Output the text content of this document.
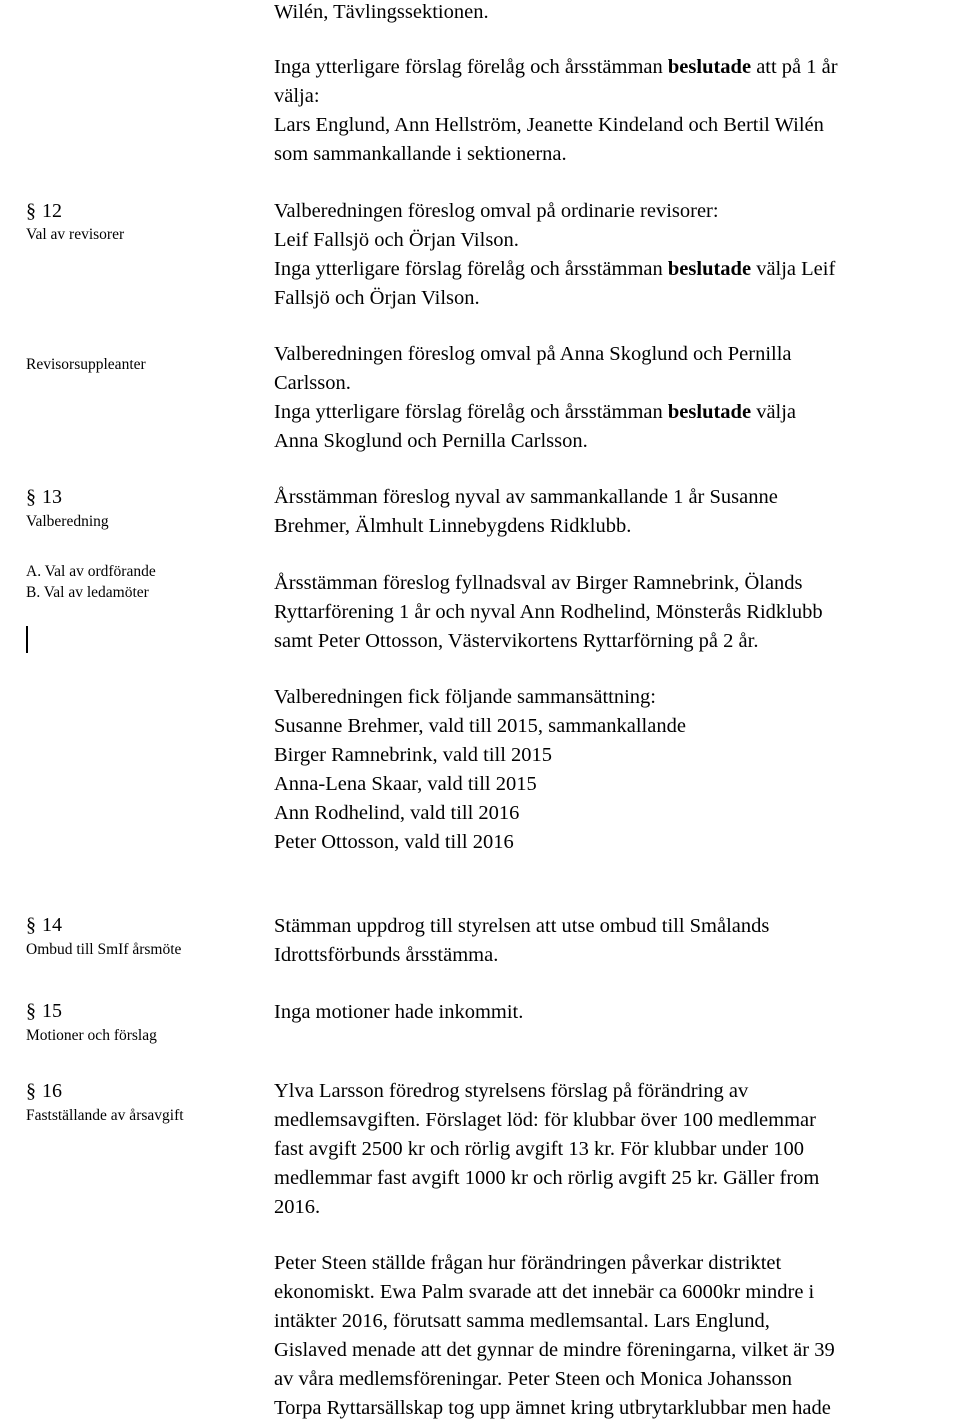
§ 12
Val av revisorer
Revisorsuppleanter
§ 13
Valberedning
A. Val av ordförande
B. Val av ledamöter
§ 14
Ombud till SmIf årsmöte
§ 15
Motioner och förslag
§ 16
Fastställande av årsavgift
Wilén, Tävlingssektionen.
Inga ytterligare förslag förelåg och årsstämman beslutade att på 1 år
välja:
Lars Englund, Ann Hellström, Jeanette Kindeland och Bertil Wilén
som sammankallande i sektionerna.
Valberedningen föreslog omval på ordinarie revisorer:
Leif Fallsjö och Örjan Vilson.
Inga ytterligare förslag förelåg och årsstämman beslutade välja Leif
Fallsjö och Örjan Vilson.
Valberedningen föreslog omval på Anna Skoglund och Pernilla
Carlsson.
Inga ytterligare förslag förelåg och årsstämman beslutade välja
Anna Skoglund och Pernilla Carlsson.
Årsstämman föreslog nyval av sammankallande 1 år Susanne
Brehmer, Älmhult Linnebygdens Ridklubb.
Årsstämman föreslog fyllnadsval av Birger Ramnebrink, Ölands
Ryttarförening 1 år och nyval Ann Rodhelind, Mönsterås Ridklubb
samt Peter Ottosson, Västervikortens Ryttarförning på 2 år.
Valberedningen fick följande sammansättning:
Susanne Brehmer, vald till 2015, sammankallande
Birger Ramnebrink, vald till 2015
Anna-Lena Skaar, vald till 2015
Ann Rodhelind, vald till 2016
Peter Ottosson, vald till 2016
Stämman uppdrog till styrelsen att utse ombud till Smålands
Idrottsförbunds årsstämma.
Inga motioner hade inkommit.
Ylva Larsson föredrog styrelsens förslag på förändring av
medlemsavgiften. Förslaget löd: för klubbar över 100 medlemmar
fast avgift 2500 kr och rörlig avgift 13 kr. För klubbar under 100
medlemmar fast avgift 1000 kr och rörlig avgift 25 kr. Gäller from
2016.
Peter Steen ställde frågan hur förändringen påverkar distriktet
ekonomiskt. Ewa Palm svarade att det innebär ca 6000kr mindre i
intäkter 2016, förutsatt samma medlemsantal. Lars Englund,
Gislaved menade att det gynnar de mindre föreningarna, vilket är 39
av våra medlemsföreningar. Peter Steen och Monica Johansson
Torpa Ryttarsällskap tog upp ämnet kring utbrytarklubbar men hade
